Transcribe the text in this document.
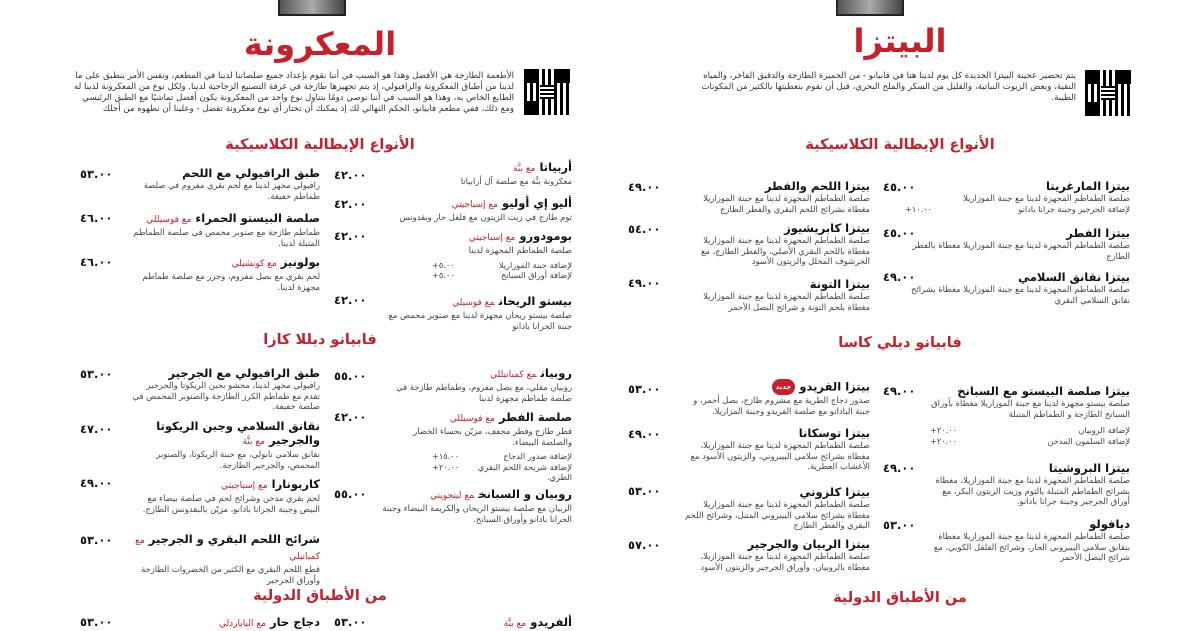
البيتزا
يتم تحضير عجينة البيتزا الجديدة كل يوم لدينا هنا في فابيانو - من الخميرة الطازجة والدقيق الفاخر، والمياه النقية، وبعض الزيوت النباتية، والقليل من السكر والملح البحري، قبل أن نقوم بتغطيتها بالكثير من المكونات الطيبة.
الأنواع الإيطالية الكلاسيكية
بيتزا المارغريتا
صلصة الطماطم المجهزة لدينا مع جبنة الموزاريلا
لإضافة الجرجير وجبنة جرانا بادانو
+١٠.٠٠
٤٥.٠٠
بيتزا الفطر
صلصة الطماطم المجهزة لدينا مع جبنة الموزاريلا مغطاة بالفطر الطازج
٤٥.٠٠
بيتزا نقانق السلامي
صلصة الطماطم المجهزة لدينا مع جبنة الموزاريلا مغطاة بشرائح نقانق السلامي البقري
٤٩.٠٠
بيتزا اللحم والفطر
صلصة الطماطم المجهزة لدينا مع جبنة الموزاريلا مغطاة بشرائح اللحم البقري والفطر الطازج
٤٩.٠٠
بيتزا كابريشيوز
صلصة الطماطم المجهزة لدينا مع جبنة الموزاريلا مغطاة باللحم البقري الأصلي، والفطر الطازج، مع الخرشوف المخلل والزيتون الأسود
٥٤.٠٠
بيتزا التونة
صلصة الطماطم المجهزة لدينا مع جبنة الموزاريلا مغطاة بلحم التونة و شرائح البصل الأحمر
٤٩.٠٠
فابيانو ديلي كاسا
بيتزا صلصة البيستو مع السبانخ
صلصة بيستو مجهزة لدينا مع جبنة الموزاريلا مغطاة بأوراق السبانخ الطازجة و الطماطم المتبلة
لإضافة الروبيان
+٢٠.٠٠
لإضافة السلمون المدخن
+٢٠.٠٠
٤٩.٠٠
بيتزا البروشيتا
صلصة الطماطم المجهزة لدينا مع جبنة الموزاريلا، مغطاة بشرائح الطماطم المتبلة بالثوم وزيت الزيتون البكر، مع أوراق الجرجير وجبنة جرانا بادانو.
٤٩.٠٠
ديافولو
صلصة الطماطم المجهزة لدينا مع جبنة الموزاريلا مغطاة بنقانق سلامي البيبروني الحار، وشرائح الفلفل الكوبي، مع شرائح البصل الأحمر
٥٣.٠٠
بيتزا الفريدوجديد
صدور دجاج الطرية مع مشروم طازج، بصل أحمر، و جبنة البادانو مع صلصة الفريدو وجبنة المزاريلا.
٥٣.٠٠
بيتزا توسكانا
صلصة الطماطم المجهزة لدينا مع جبنة الموزاريلا، مغطاة بشرائح سلامي البيبروني، والزيتون الأسود مع الأعشاب العطرية.
٤٩.٠٠
بيتزا كلزوني
صلصة الطماطم المجهزة لدينا مع جبنة الموزاريلا مغطاة بشرائح سلامي البيبروني المتبل، وشرائح اللحم البقري والفطر الطازج
٥٣.٠٠
بيتزا الربيان والجرجير
صلصة الطماطم المجهزة لدينا مع جبنة الموزاريلا، مغطاة بالروبيان، وأوراق الجرجير والزيتون الأسود
٥٧.٠٠
من الأطباق الدولية
المعكرونة
الأطعمة الطازجة هي الأفضل وهذا هو السبب في أننا نقوم بإعداد جميع صلصاتنا لدينا في المطعم، ونفس الأمر ينطبق على ما لدينا من أطباق المعكرونة والرافيولي، إذ يتم تجهيزها طازجة في غرفة التصنيع الزجاجية لدينا. ولكل نوع من المعكرونة لدينا له الطابع الخاص به، وهذا هو السبب في أننا نوصي دومًا بتناول نوع واحد من المعكرونة يكون أفضل تماشيًا مع الطبق الرئيسي ومع ذلك، ففي مطعم فابيانو، الحكم النهائي لك إذ يمكنك أن تختار أي نوع معكرونة تفضل - وعلينا أن نطهوه من أجلك
الأنواع الإيطالية الكلاسيكية
أربياتامع بنَّة
معكرونة بنَّة مع صلصة آل أرابياتا
٤٢.٠٠
أليو إي أوليومع إسباجيتي
ثوم طازج في زيت الزيتون مع فلفل حار وبقدونس
٤٢.٠٠
بومودورومع إسباجيتي
صلصة الطماطم المجهزة لدينا
لإضافة جبنة الموزاريلا
+٥.٠٠
لإضافة أوراق السبانخ
+٥.٠٠
٤٢.٠٠
بيستو الريحانمع فوسيلي
صلصة بيستو ريحان مجهزة لدينا مع صنوبر محمص مع جبنة الجرانا بادانو
٤٢.٠٠
طبق الرافيولي مع اللحم
رافيولي مجهز لدينا مع لحم بقري مفروم في صلصة طماطم خفيفة.
٥٣.٠٠
صلصة البيستو الحمراءمع فوسيللي
طماطم طازجة مع صنوبر محمص في صلصة الطماطم المتبلة لدينا.
٤٦.٠٠
بولونيزمع كونشيلي
لحم بقري مع بصل مفروم، وجزر مع صلصة طماطم مجهزة لدينا.
٤٦.٠٠
فابيانو ديللا كازا
روبيانمع كمبانيللي
روبيان مقلي، مع بصل مفروم، وطماطم طازجة في صلصة طماطم مجهزة لدينا
٥٥.٠٠
صلصة الفطرمع فوسيللي
فطر طازج وفطر مجفف، مزيّن بحساء الخضار والصلصة البيضاء.
لإضافة صدور الدجاج
+١٥.٠٠
لإضافة شريحة اللحم البقري الطري.
+٢٠.٠٠
٤٢.٠٠
روبيان و السبانخمع لينجويني
الربيان مع صلصة بيستو الريحان والكريمة البيضاء وجبنة الجرانا بادانو وأوراق السبانخ.
٥٥.٠٠
طبق الرافيولي مع الجرجير
رافيولي مجهز لدينا، محشو بجبن الريكوتا والجرجير تقدم مع طماطم الكرز الطازجة والصنوبر المحمص في صلصة خفيفة.
٥٣.٠٠
نقانق السلامي وجبن الريكوتا والجرجيرمع بنَّة
نقانق سلامي نابولي، مع جبنة الريكوتا، والصنوبر المحمص، والجرجير الطازجة.
٤٧.٠٠
كاربونارامع إسباجيتي
لحم بقري مدخن وشرائح لحم في صلصة بيضاء مع البيض وجبنة الجرانا بادانو، مزيّن بالبقدونس الطازج.
٤٩.٠٠
شرائح اللحم البقري و الجرجيرمع كمبانيلي
قطع اللحم البقري مع الكثير من الخضروات الطازجة وأوراق الجرجير
٥٣.٠٠
من الأطباق الدولية
ألفريدومع بنَّة
٥٣.٠٠
دجاج حارمع الباباردلي
٥٣.٠٠
